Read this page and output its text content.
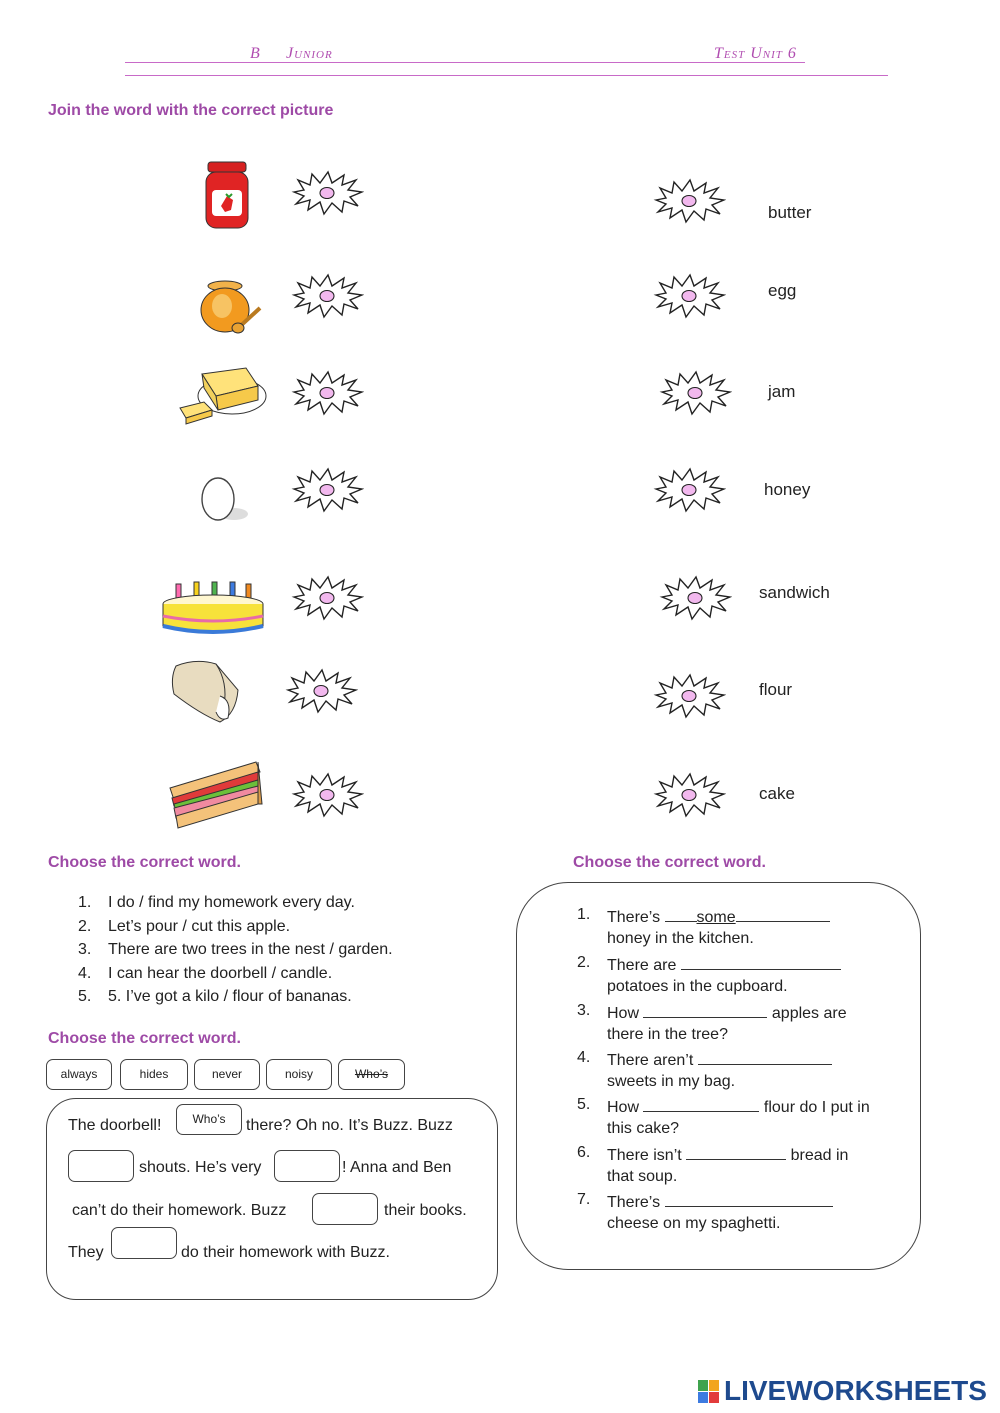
B Junior	Test Unit 6
Join the word with the correct picture
butter
egg
jam
honey
sandwich
flour
cake
Choose the correct word.
1. I do / find my homework every day.
2. Let’s pour / cut this apple.
3. There are two trees in the nest / garden.
4. I can hear the doorbell / candle.
5. 5. I’ve got a kilo / flour of bananas.
Choose the correct word.
always	hides	never	noisy	Who’s
The doorbell!	Who’s	there? Oh no. It’s Buzz. Buzz
shouts. He’s very	! Anna and Ben
can’t do their homework. Buzz	their books.
They	do their homework with Buzz.
Choose the correct word.
1. There’s some
honey in the kitchen.
2. There are
potatoes in the cupboard.
3. How	apples are
there in the tree?
4. There aren’t
sweets in my bag.
5. How	flour do I put in
this cake?
6. There isn’t	bread in
that soup.
7. There’s
cheese on my spaghetti.
LIVEWORKSHEETS
